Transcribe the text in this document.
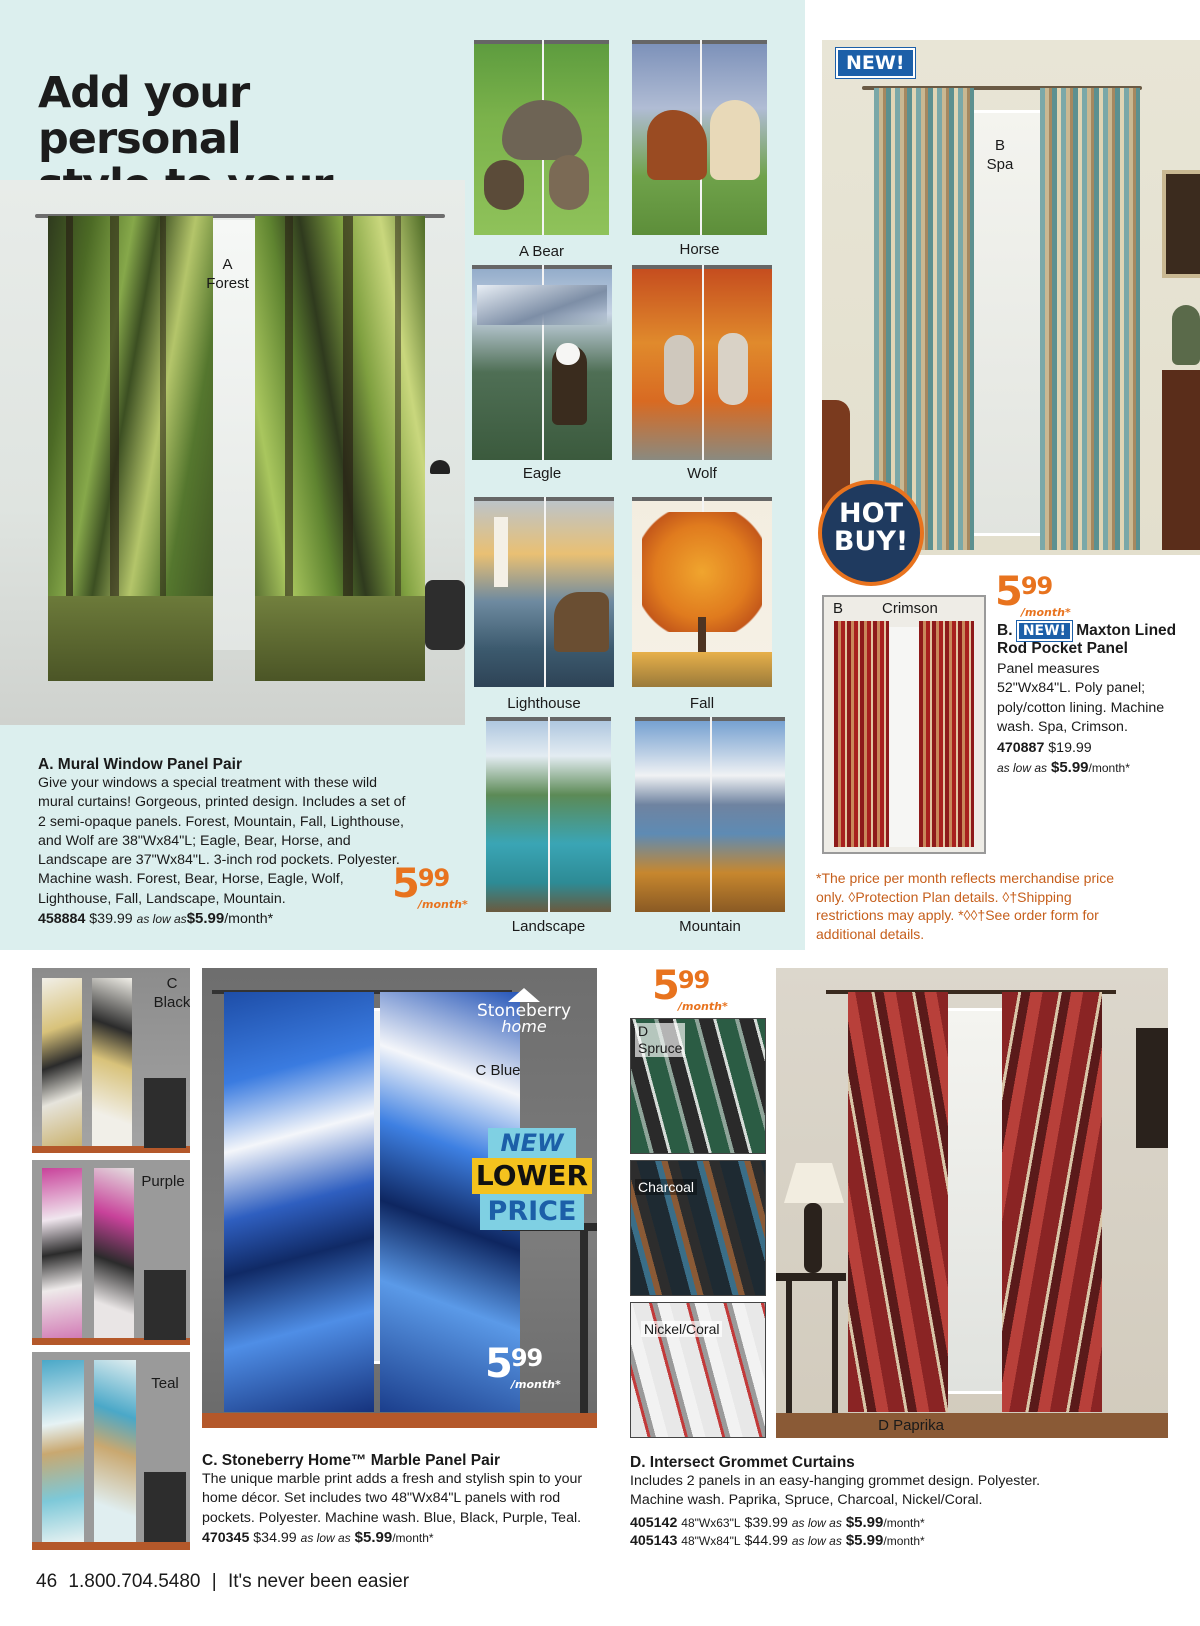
Add your personal
A
Forest
A Bear	Horse
Eagle	Wolf
Lighthouse	Fall
Landscape	Mountain
A. Mural Window Panel Pair
Give your windows a special treatment with these wild mural curtains! Gorgeous, printed design. Includes a set of 2 semi-opaque panels. Forest, Mountain, Fall, Lighthouse, and Wolf are 38"Wx84"L; Eagle, Bear, Horse, and Landscape are 37"Wx84"L. 3-inch rod pockets. Polyester. Machine wash. Forest, Bear, Horse, Eagle, Wolf, Lighthouse, Fall, Landscape, Mountain.
458884 $39.99 as low as$5.99/month*
599
/month*
B
Spa
NEW!
HOT
BUY!
B	Crimson 599
/month*
B. NEW! Maxton Lined Rod Pocket Panel
Panel measures 52"Wx84"L. Poly panel; poly/cotton lining. Machine wash. Spa, Crimson.
470887 $19.99
as low as $5.99/month*
*The price per month reflects merchandise price only. ◊Protection Plan details. ◊†Shipping restrictions may apply. *◊◊†See order form for additional details.
C
Black
Purple
Teal
Stoneberry
home
C Blue
NEW
LOWER
PRICE
599
/month*
C. Stoneberry Home™ Marble Panel Pair
The unique marble print adds a fresh and stylish spin to your home décor. Set includes two 48"Wx84"L panels with rod pockets. Polyester. Machine wash. Blue, Black, Purple, Teal.
470345 $34.99 as low as $5.99/month*
599
/month*
D
Spruce
Charcoal
Nickel/Coral
D Paprika
D. Intersect Grommet Curtains
Includes 2 panels in an easy-hanging grommet design. Polyester. Machine wash. Paprika, Spruce, Charcoal, Nickel/Coral.
405142 48"Wx63"L $39.99 as low as $5.99/month*
405143 48"Wx84"L $44.99 as low as $5.99/month*
46 1.800.704.5480 | It's never been easier
